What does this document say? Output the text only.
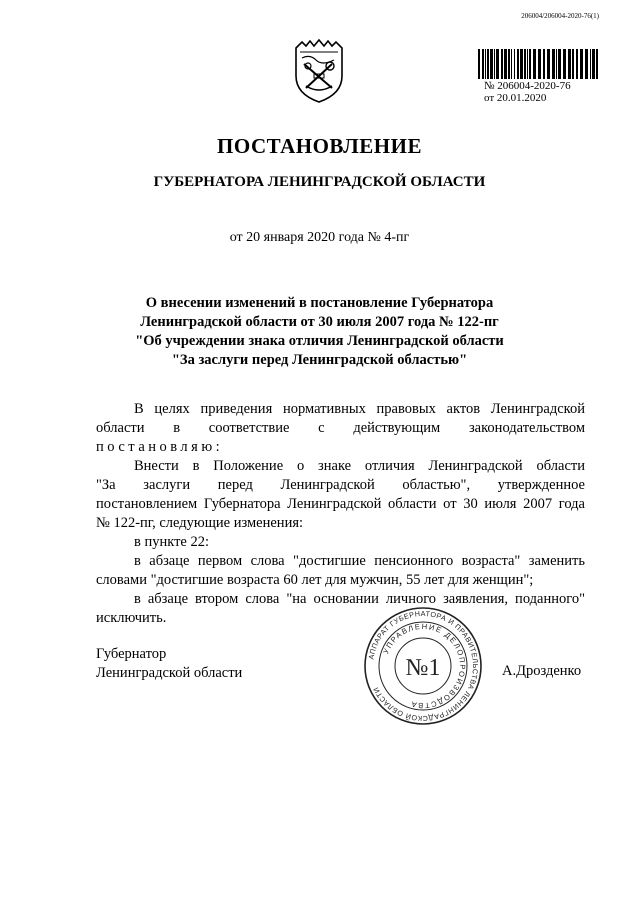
206004/206004-2020-76(1)
№ 206004-2020-76
от 20.01.2020
ПОСТАНОВЛЕНИЕ
ГУБЕРНАТОРА ЛЕНИНГРАДСКОЙ ОБЛАСТИ
от 20 января 2020 года № 4-пг
О внесении изменений в постановление Губернатора
Ленинградской области от 30 июля 2007 года № 122-пг
"Об учреждении знака отличия Ленинградской области
"За заслуги перед Ленинградской областью"
В целях приведения нормативных правовых актов Ленинградской
области в соответствие с действующим законодательством
постановляю:
Внести в Положение о знаке отличия Ленинградской области
"За заслуги перед Ленинградской областью", утвержденное
постановлением Губернатора Ленинградской области от 30 июля 2007 года
№ 122-пг, следующие изменения:
в пункте 22:
в абзаце первом слова "достигшие пенсионного возраста" заменить
словами "достигшие возраста 60 лет для мужчин, 55 лет для женщин";
в абзаце втором слова "на основании личного заявления, поданного"
исключить.
Губернатор
Ленинградской области
АППАРАТ ГУБЕРНАТОРА И ПРАВИТЕЛЬСТВА ЛЕНИНГРАДСКОЙ ОБЛАСТИ
УПРАВЛЕНИЕ ДЕЛОПРОИЗВОДСТВА
№1	А.Дрозденко
